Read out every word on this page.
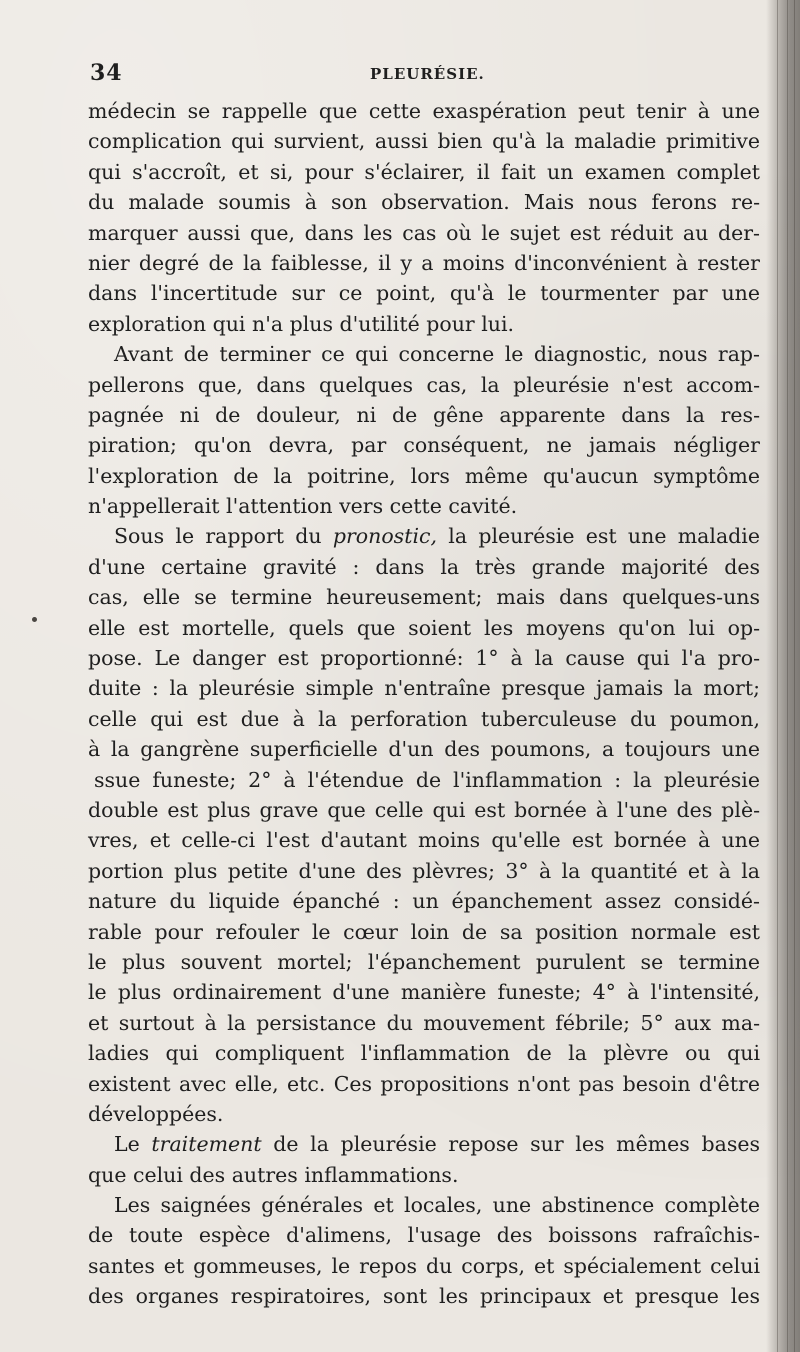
34	PLEURÉSIE.
médecin se rappelle que cette exaspération peut tenir à une
complication qui survient, aussi bien qu'à la maladie primitive
qui s'accroît, et si, pour s'éclairer, il fait un examen complet
du malade soumis à son observation. Mais nous ferons re-
marquer aussi que, dans les cas où le sujet est réduit au der-
nier degré de la faiblesse, il y a moins d'inconvénient à rester
dans l'incertitude sur ce point, qu'à le tourmenter par une
exploration qui n'a plus d'utilité pour lui.
Avant de terminer ce qui concerne le diagnostic, nous rap-
pellerons que, dans quelques cas, la pleurésie n'est accom-
pagnée ni de douleur, ni de gêne apparente dans la res-
piration; qu'on devra, par conséquent, ne jamais négliger
l'exploration de la poitrine, lors même qu'aucun symptôme
n'appellerait l'attention vers cette cavité.
Sous le rapport du pronostic, la pleurésie est une maladie
d'une certaine gravité : dans la très grande majorité des
cas, elle se termine heureusement; mais dans quelques-uns
elle est mortelle, quels que soient les moyens qu'on lui op-
pose. Le danger est proportionné: 1° à la cause qui l'a pro-
duite : la pleurésie simple n'entraîne presque jamais la mort;
celle qui est due à la perforation tuberculeuse du poumon,
à la gangrène superficielle d'un des poumons, a toujours une
ssue funeste; 2° à l'étendue de l'inflammation : la pleurésie
double est plus grave que celle qui est bornée à l'une des plè-
vres, et celle-ci l'est d'autant moins qu'elle est bornée à une
portion plus petite d'une des plèvres; 3° à la quantité et à la
nature du liquide épanché : un épanchement assez considé-
rable pour refouler le cœur loin de sa position normale est
le plus souvent mortel; l'épanchement purulent se termine
le plus ordinairement d'une manière funeste; 4° à l'intensité,
et surtout à la persistance du mouvement fébrile; 5° aux ma-
ladies qui compliquent l'inflammation de la plèvre ou qui
existent avec elle, etc. Ces propositions n'ont pas besoin d'être
développées.
Le traitement de la pleurésie repose sur les mêmes bases
que celui des autres inflammations.
Les saignées générales et locales, une abstinence complète
de toute espèce d'alimens, l'usage des boissons rafraîchis-
santes et gommeuses, le repos du corps, et spécialement celui
des organes respiratoires, sont les principaux et presque les
